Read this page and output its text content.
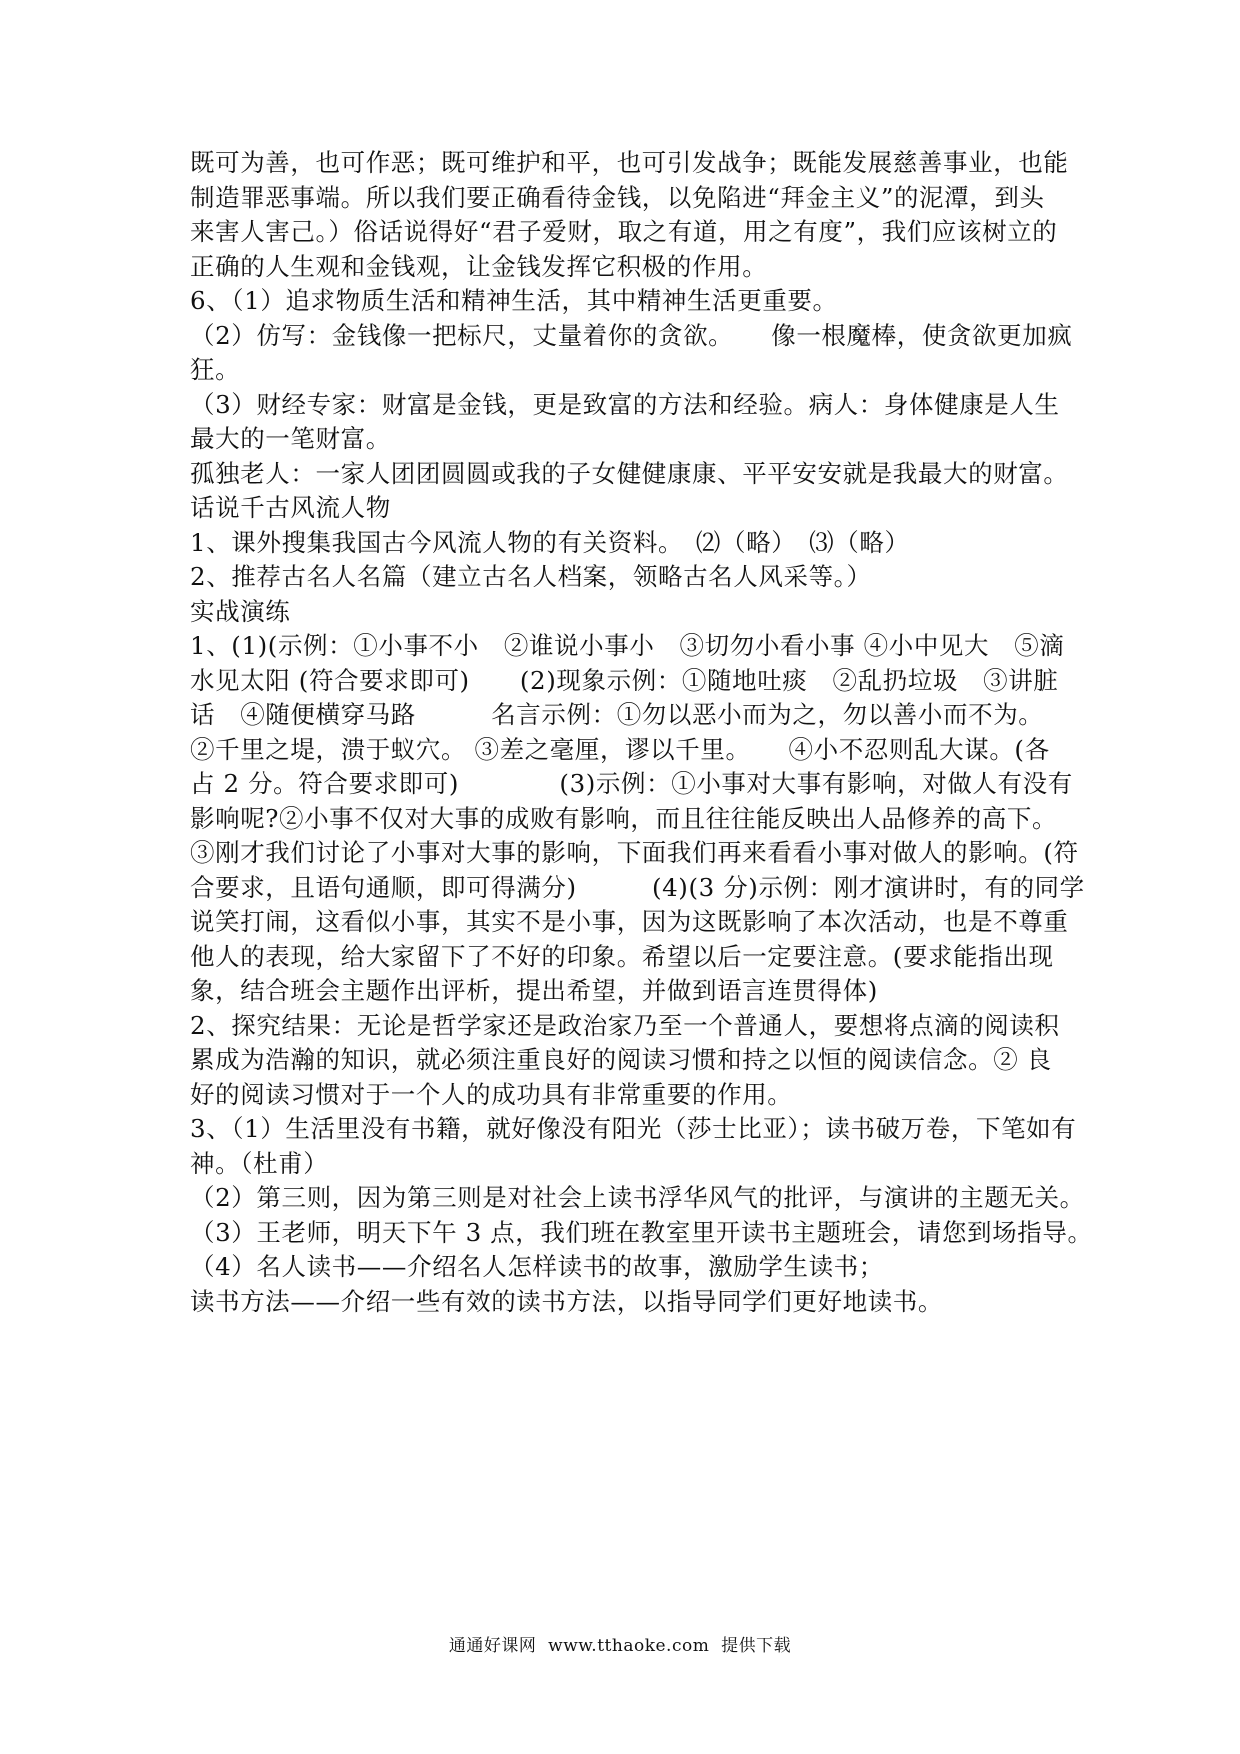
既可为善，也可作恶；既可维护和平，也可引发战争；既能发展慈善事业，也能
制造罪恶事端。所以我们要正确看待金钱，以免陷进“拜金主义”的泥潭，到头
来害人害己。）俗话说得好“君子爱财，取之有道，用之有度”，我们应该树立的
正确的人生观和金钱观，让金钱发挥它积极的作用。
6、（1）追求物质生活和精神生活，其中精神生活更重要。
（2）仿写：金钱像一把标尺，丈量着你的贪欲。　　像一根魔棒，使贪欲更加疯
狂。
（3）财经专家：财富是金钱，更是致富的方法和经验。病人：身体健康是人生
最大的一笔财富。
孤独老人：一家人团团圆圆或我的子女健健康康、平平安安就是我最大的财富。
话说千古风流人物
1、课外搜集我国古今风流人物的有关资料。　⑵（略）　⑶（略）
2、推荐古名人名篇（建立古名人档案，领略古名人风采等。）
实战演练
1、(1)(示例：①小事不小　②谁说小事小　③切勿小看小事 ④小中见大　⑤滴
水见太阳 (符合要求即可)　　(2)现象示例：①随地吐痰　②乱扔垃圾　③讲脏
话　④随便横穿马路　　　名言示例：①勿以恶小而为之，勿以善小而不为。
②千里之堤，溃于蚁穴。 ③差之毫厘，谬以千里。　　④小不忍则乱大谋。(各
占 2 分。符合要求即可)　　　　(3)示例：①小事对大事有影响，对做人有没有
影响呢?②小事不仅对大事的成败有影响，而且往往能反映出人品修养的高下。
③刚才我们讨论了小事对大事的影响，下面我们再来看看小事对做人的影响。(符
合要求，且语句通顺，即可得满分)　　　(4)(3 分)示例：刚才演讲时，有的同学
说笑打闹，这看似小事，其实不是小事，因为这既影响了本次活动，也是不尊重
他人的表现，给大家留下了不好的印象。希望以后一定要注意。(要求能指出现
象，结合班会主题作出评析，提出希望，并做到语言连贯得体)
2、探究结果：无论是哲学家还是政治家乃至一个普通人，要想将点滴的阅读积
累成为浩瀚的知识，就必须注重良好的阅读习惯和持之以恒的阅读信念。② 良
好的阅读习惯对于一个人的成功具有非常重要的作用。
3、（1）生活里没有书籍，就好像没有阳光（莎士比亚）；读书破万卷，下笔如有
神。（杜甫）
（2）第三则，因为第三则是对社会上读书浮华风气的批评，与演讲的主题无关。
（3）王老师，明天下午 3 点，我们班在教室里开读书主题班会，请您到场指导。
（4）名人读书——介绍名人怎样读书的故事，激励学生读书；
读书方法——介绍一些有效的读书方法，以指导同学们更好地读书。
通通好课网  www.tthaoke.com  提供下载
